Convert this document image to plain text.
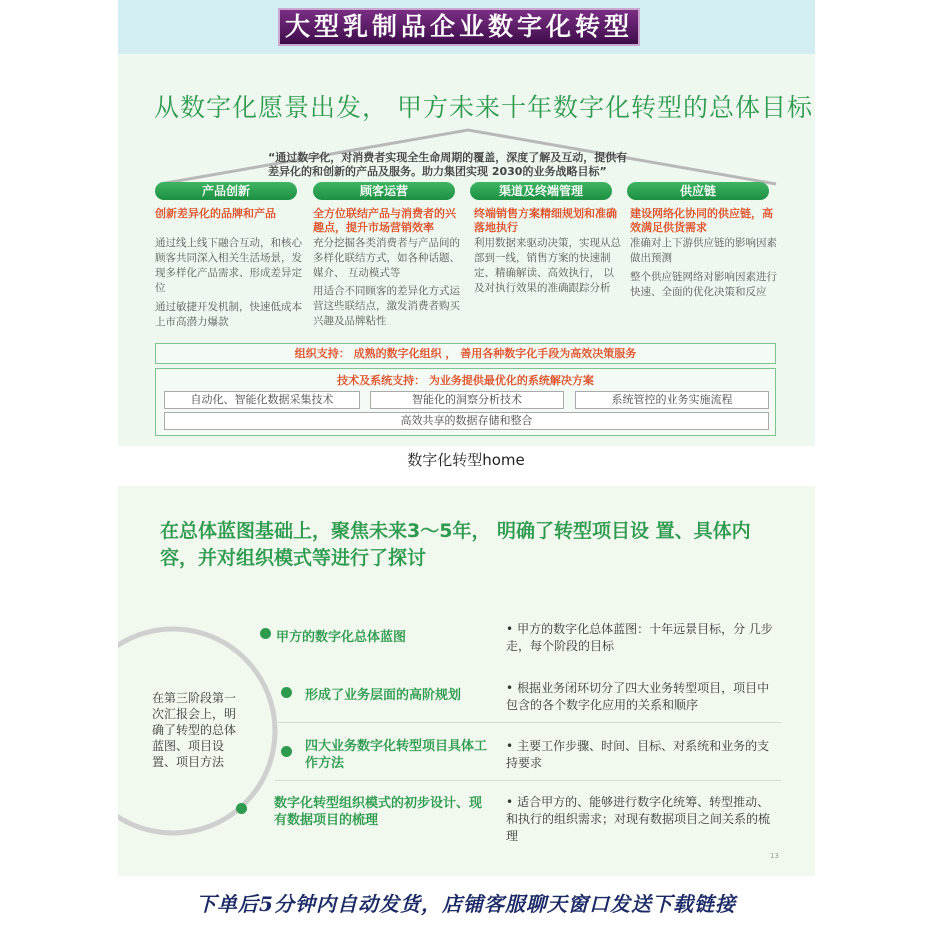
大型乳制品企业数字化转型
从数字化愿景出发， 甲方未来十年数字化转型的总体目标
“通过数字化，对消费者实现全生命周期的覆盖，深度了解及互动，提供有差异化的和创新的产品及服务。助力集团实现 2030的业务战略目标”
产品创新
创新差异化的品牌和产品
通过线上线下融合互动，和核心顾客共同深入相关生活场景，发现多样化产品需求、形成差异定位
通过敏捷开发机制，快速低成本上市高潜力爆款
顾客运营
全方位联结产品与消费者的兴趣点，提升市场营销效率
充分挖掘各类消费者与产品间的多样化联结方式，如各种话题、媒介、 互动模式等
用适合不同顾客的差异化方式运营这些联结点，激发消费者购买兴趣及品牌粘性
渠道及终端管理
终端销售方案精细规划和准确落地执行
利用数据来驱动决策，实现从总部到一线，销售方案的快速制定、精确解读、高效执行， 以及对执行效果的准确跟踪分析
供应链
建设网络化协同的供应链，高效满足供货需求
准确对上下游供应链的影响因素做出预测
整个供应链网络对影响因素进行快速、全面的优化决策和反应
组织支持： 成熟的数字化组织 ， 善用各种数字化手段为高效决策服务
技术及系统支持： 为业务提供最优化的系统解决方案
自动化、智能化数据采集技术	智能化的洞察分析技术	系统管控的业务实施流程
高效共享的数据存储和整合
数字化转型home
在总体蓝图基础上，聚焦未来3～5年， 明确了转型项目设 置、具体内容，并对组织模式等进行了探讨
在第三阶段第一次汇报会上，明确了转型的总体蓝图、项目设置、项目方法
甲方的数字化总体蓝图
形成了业务层面的高阶规划
四大业务数字化转型项目具体工作方法
数字化转型组织模式的初步设计、现有数据项目的梳理
• 甲方的数字化总体蓝图：十年远景目标，分 几步走，每个阶段的目标
• 根据业务闭环切分了四大业务转型项目，项目中包含的各个数字化应用的关系和顺序
• 主要工作步骤、时间、目标、对系统和业务的支持要求
• 适合甲方的、能够进行数字化统筹、转型推动、和执行的组织需求；对现有数据项目之间关系的梳理
13
下单后5分钟内自动发货，店铺客服聊天窗口发送下载链接
